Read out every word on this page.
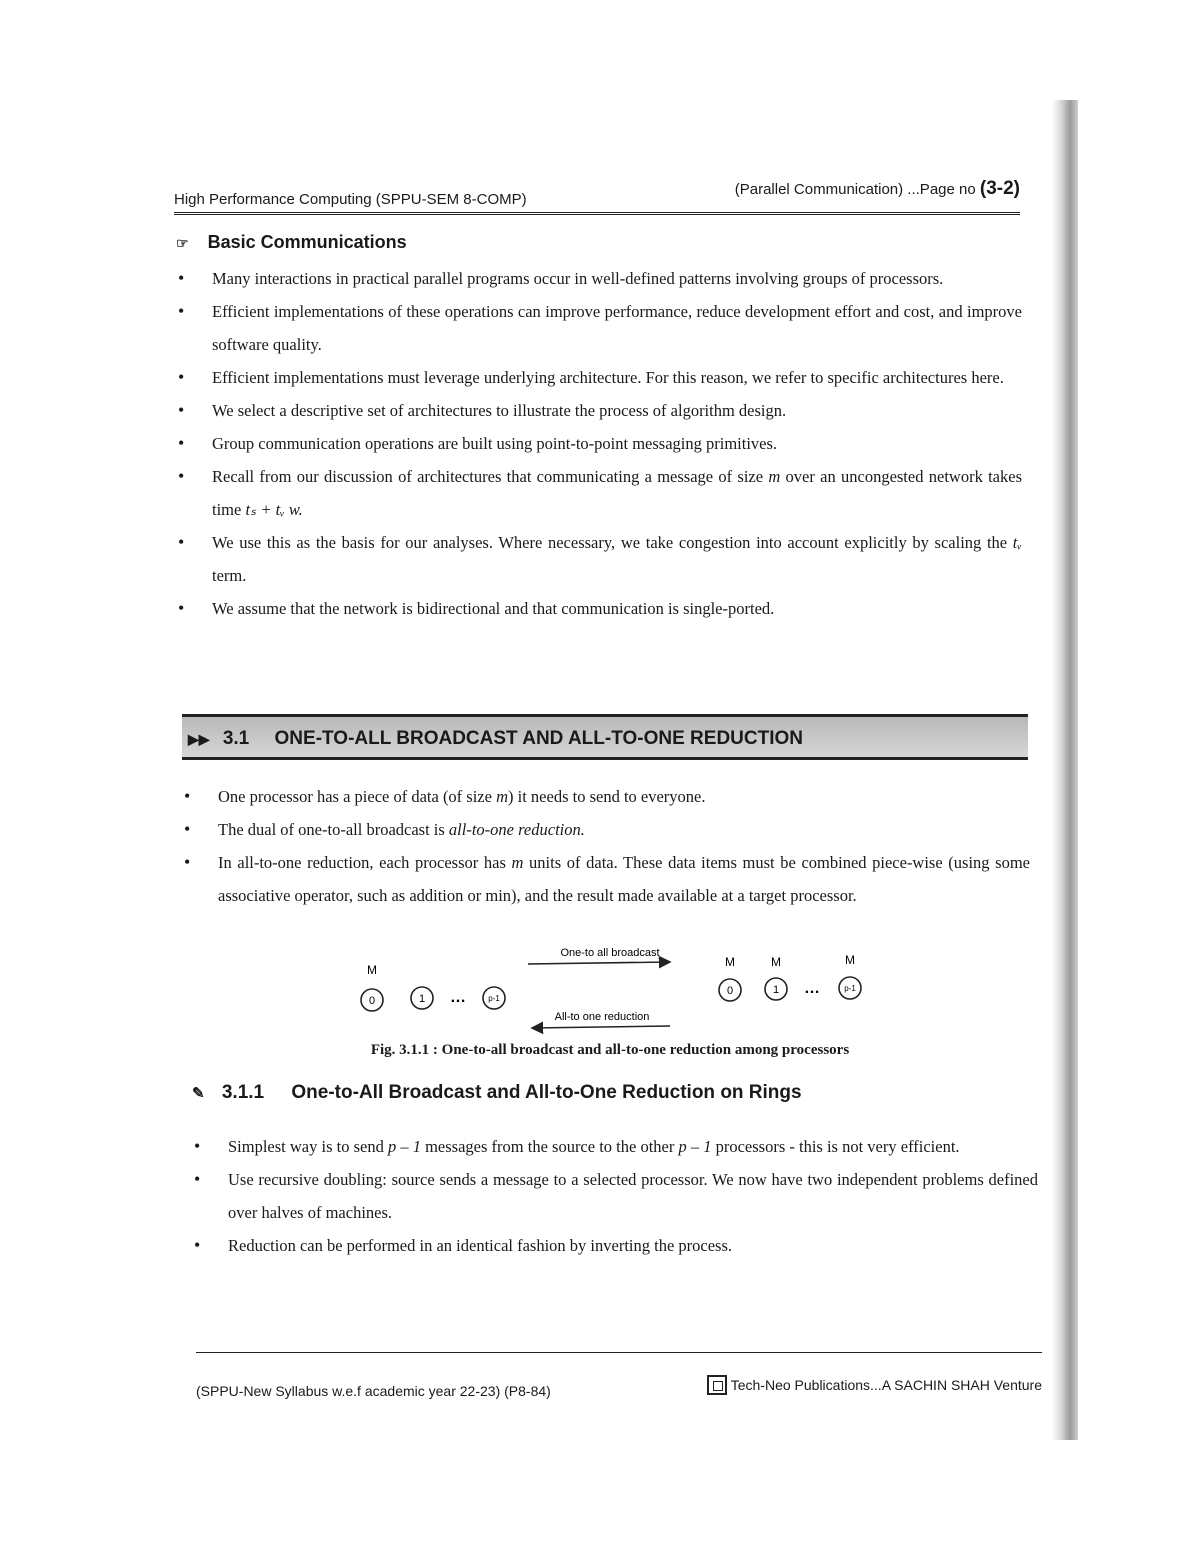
High Performance Computing (SPPU-SEM 8-COMP)
(Parallel Communication) ...Page no (3-2)
☞ Basic Communications
• Many interactions in practical parallel programs occur in well-defined patterns involving groups of processors.
• Efficient implementations of these operations can improve performance, reduce development effort and cost, and improve software quality.
• Efficient implementations must leverage underlying architecture. For this reason, we refer to specific architectures here.
• We select a descriptive set of architectures to illustrate the process of algorithm design.
• Group communication operations are built using point-to-point messaging primitives.
• Recall from our discussion of architectures that communicating a message of size m over an uncongested network takes time tₛ + tᵥ w.
• We use this as the basis for our analyses. Where necessary, we take congestion into account explicitly by scaling the tᵥ term.
• We assume that the network is bidirectional and that communication is single-ported.
▶▶ 3.1 ONE-TO-ALL BROADCAST AND ALL-TO-ONE REDUCTION
• One processor has a piece of data (of size m) it needs to send to everyone.
• The dual of one-to-all broadcast is all-to-one reduction.
• In all-to-one reduction, each processor has m units of data. These data items must be combined piece-wise (using some associative operator, such as addition or min), and the result made available at a target processor.
M
0	1 …	p-1
One-to all broadcast
All-to one reduction
M	M	M
0	1 …	p-1
Fig. 3.1.1 : One-to-all broadcast and all-to-one reduction among processors
✎ 3.1.1 One-to-All Broadcast and All-to-One Reduction on Rings
• Simplest way is to send p – 1 messages from the source to the other p – 1 processors - this is not very efficient.
• Use recursive doubling: source sends a message to a selected processor. We now have two independent problems defined over halves of machines.
• Reduction can be performed in an identical fashion by inverting the process.
(SPPU-New Syllabus w.e.f academic year 22-23) (P8-84)	Tech-Neo Publications...A SACHIN SHAH Venture
